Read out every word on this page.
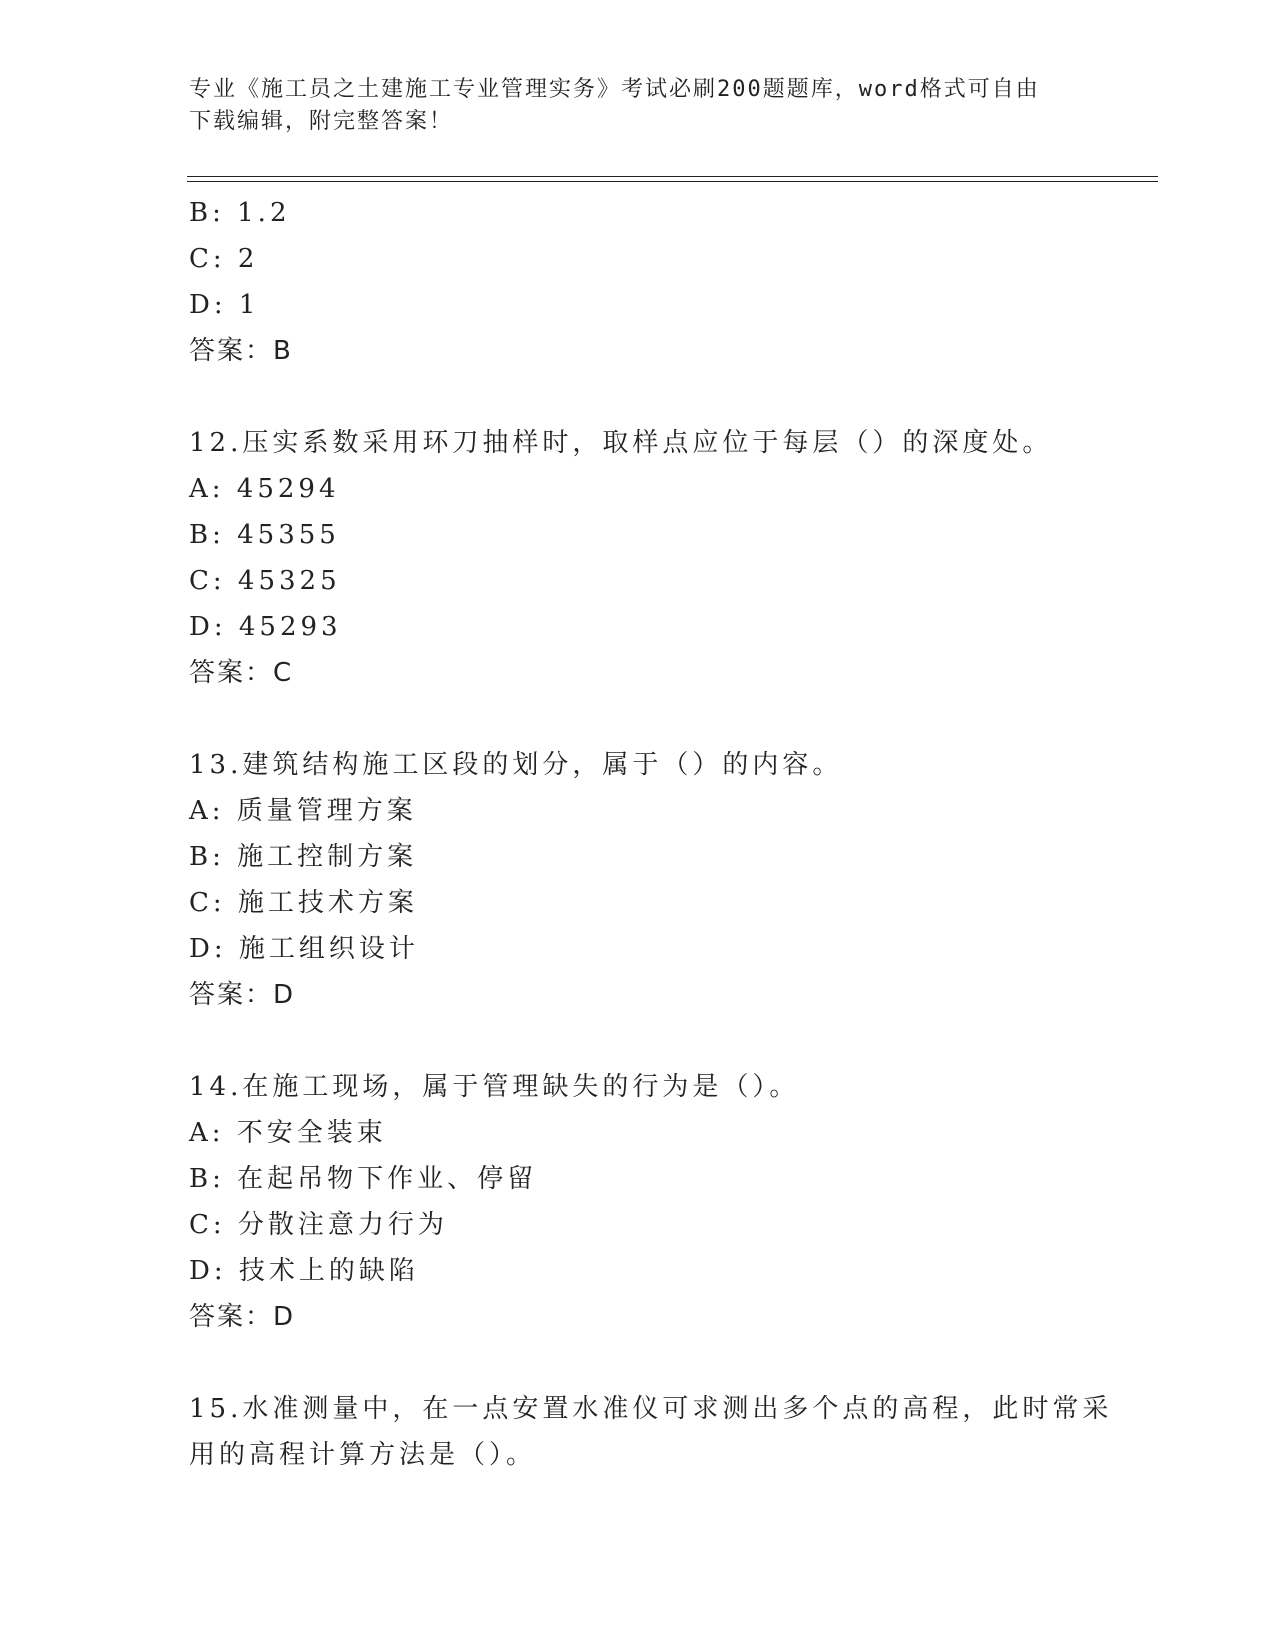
专业《施工员之土建施工专业管理实务》考试必刷200题题库，word格式可自由
下载编辑，附完整答案！
B: 1.2
C: 2
D: 1
答案：B
12.压实系数采用环刀抽样时，取样点应位于每层（）的深度处。
A: 45294
B: 45355
C: 45325
D: 45293
答案：C
13.建筑结构施工区段的划分，属于（）的内容。
A: 质量管理方案
B: 施工控制方案
C: 施工技术方案
D: 施工组织设计
答案：D
14.在施工现场，属于管理缺失的行为是（）。
A: 不安全装束
B: 在起吊物下作业、停留
C: 分散注意力行为
D: 技术上的缺陷
答案：D
15.水准测量中，在一点安置水准仪可求测出多个点的高程，此时常采
用的高程计算方法是（）。
